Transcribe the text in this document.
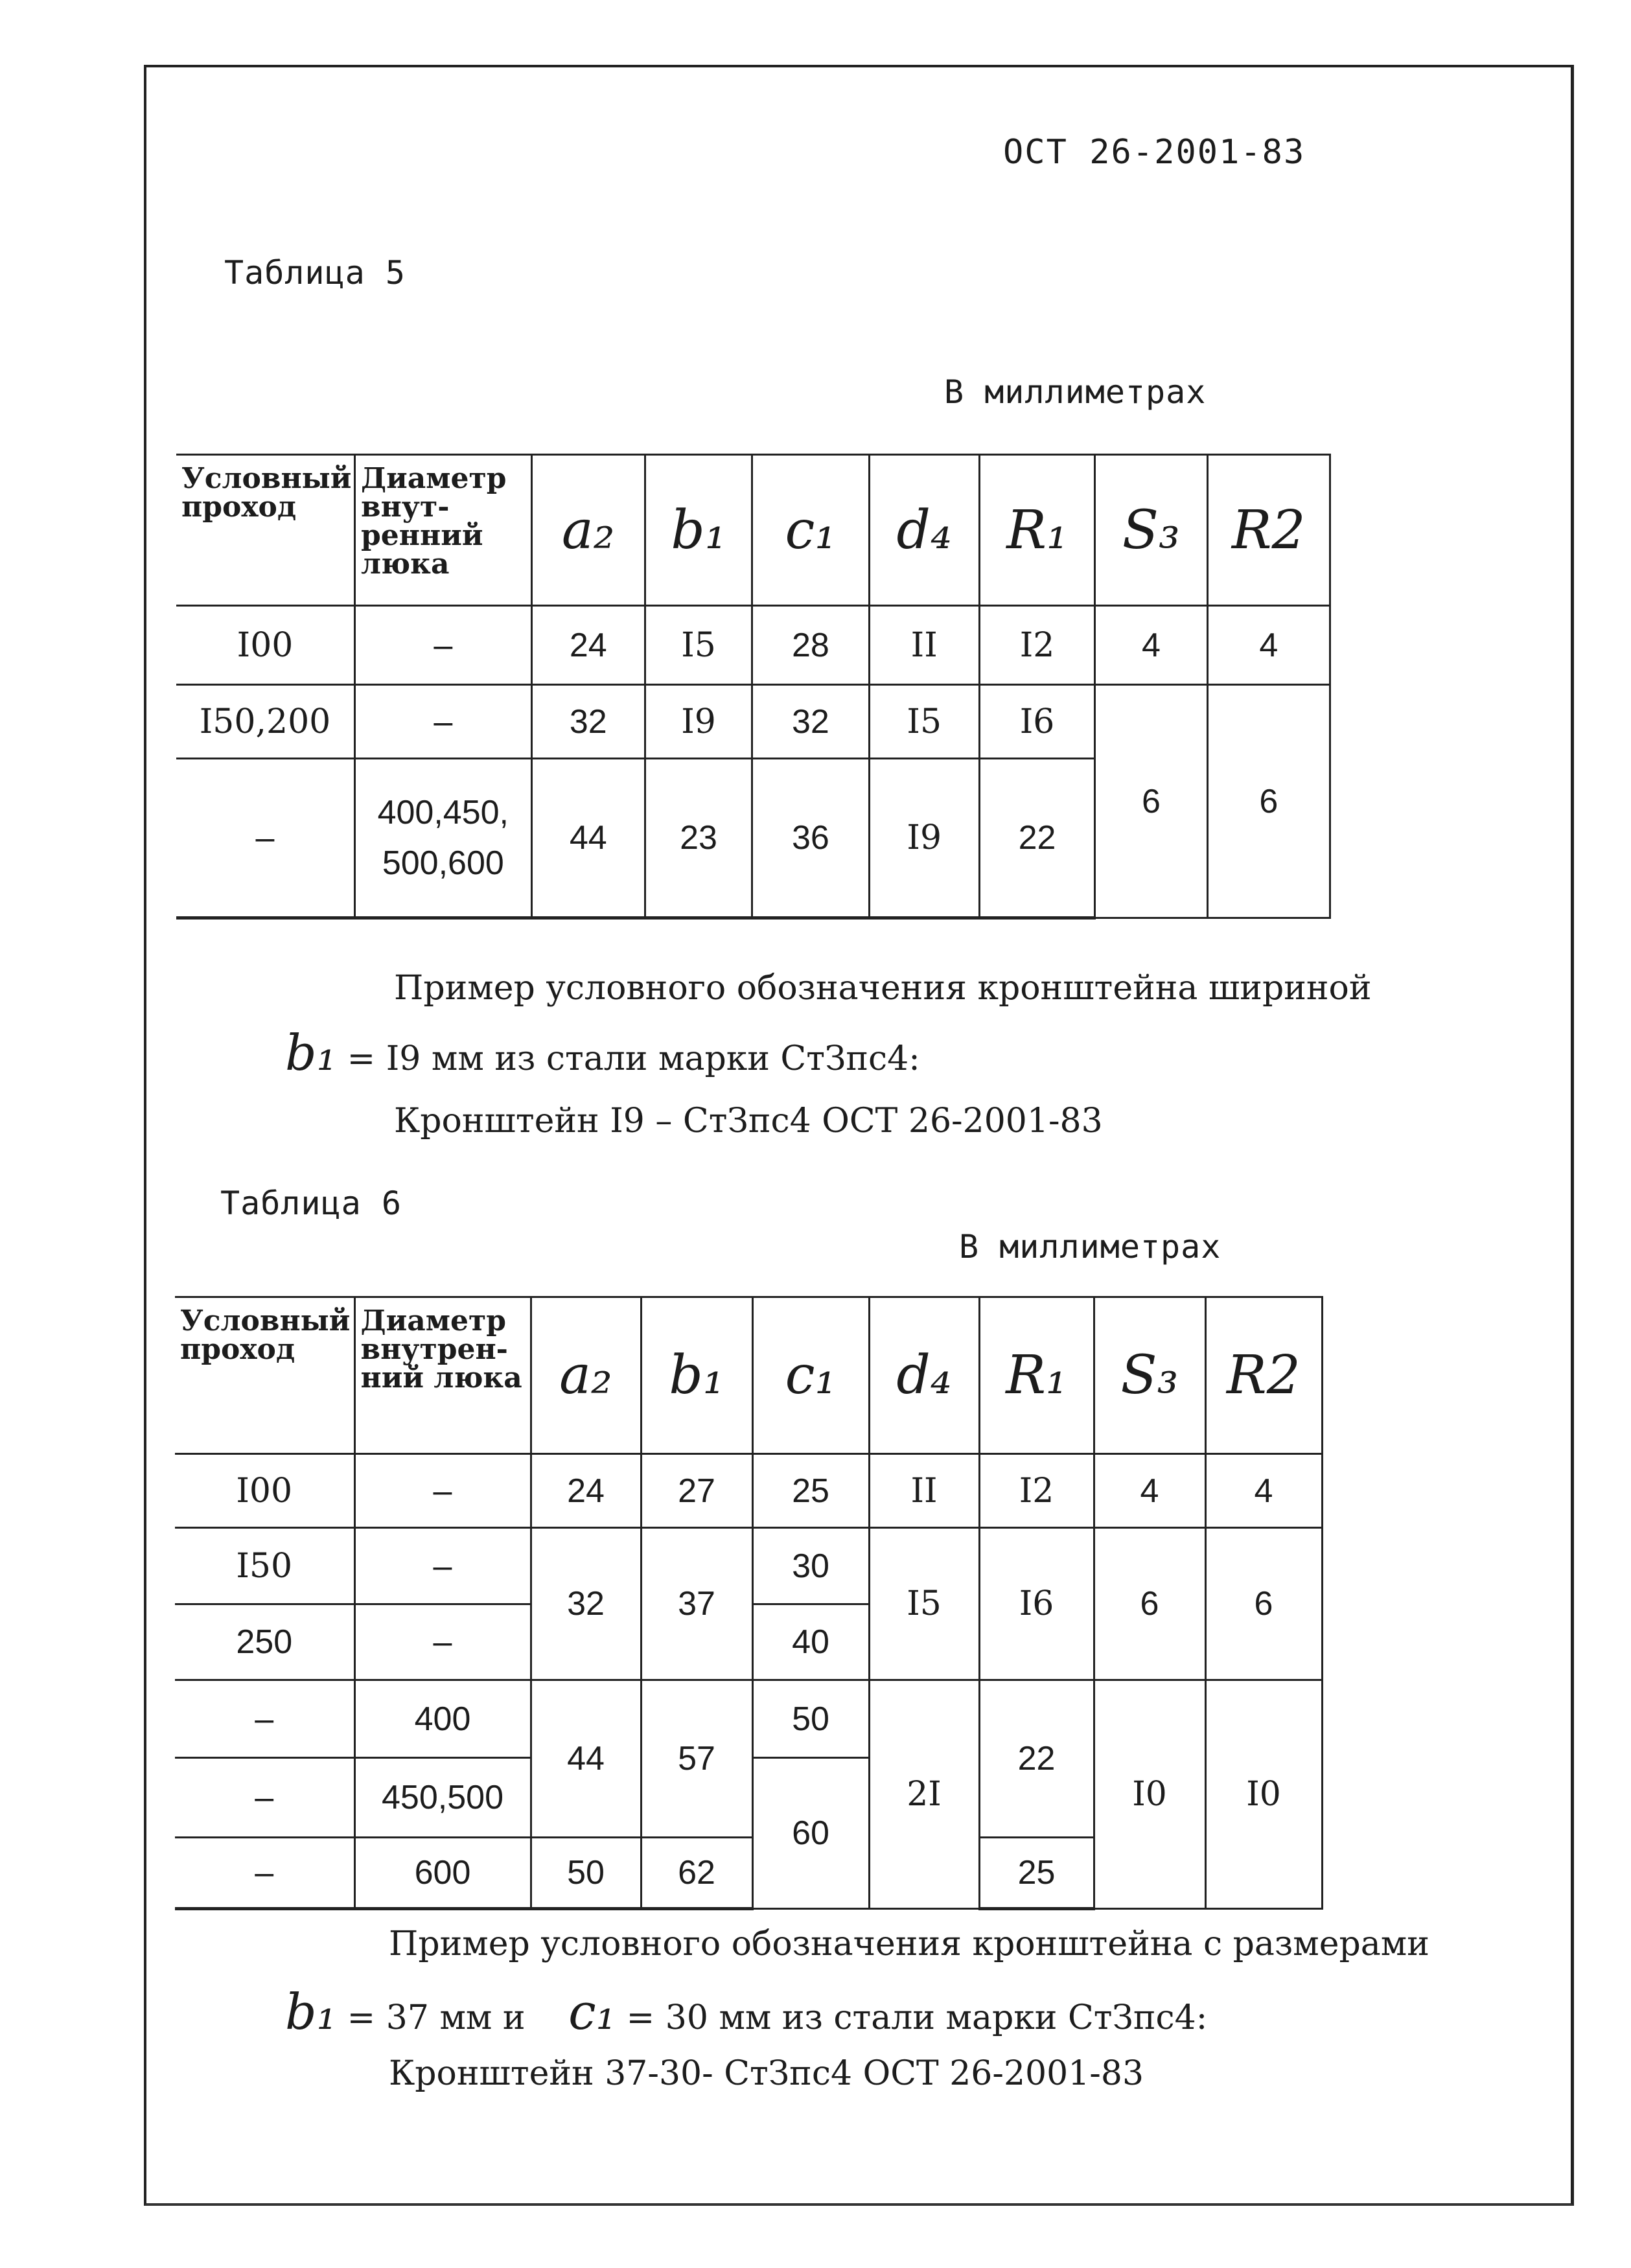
ОСТ 26-2001-83
Таблица 5
В миллиметрах
Условный проход	Диаметр внут-ренний люка	a₂	b₁	c₁	d₄	R₁	S₃	R2
I00	–	24	I5	28	II	I2	4	4
I50,200	–	32	I9	32	I5	I6	6	6
–	400,450, 500,600	44	23	36	I9	22		
Пример условного обозначения кронштейна шириной
b₁ = I9 мм из стали марки СтЗпс4:
Кронштейн I9 – СтЗпс4 ОСТ 26-2001-83
Таблица 6
В миллиметрах
Условный проход	Диаметр внутрен-ний люка	a₂	b₁	c₁	d₄	R₁	S₃	R2
I00	–	24	27	25	II	I2	4	4
I50	–	32	37	30	I5	I6	6	6
250	–			40				
–	400	44	57	50	2I	22	I0	I0
–	450,500			60				
–	600	50	62			25		
Пример условного обозначения кронштейна с размерами
b₁ = 37 мм и c₁ = 30 мм из стали марки СтЗпс4:
Кронштейн 37-30- СтЗпс4 ОСТ 26-2001-83
